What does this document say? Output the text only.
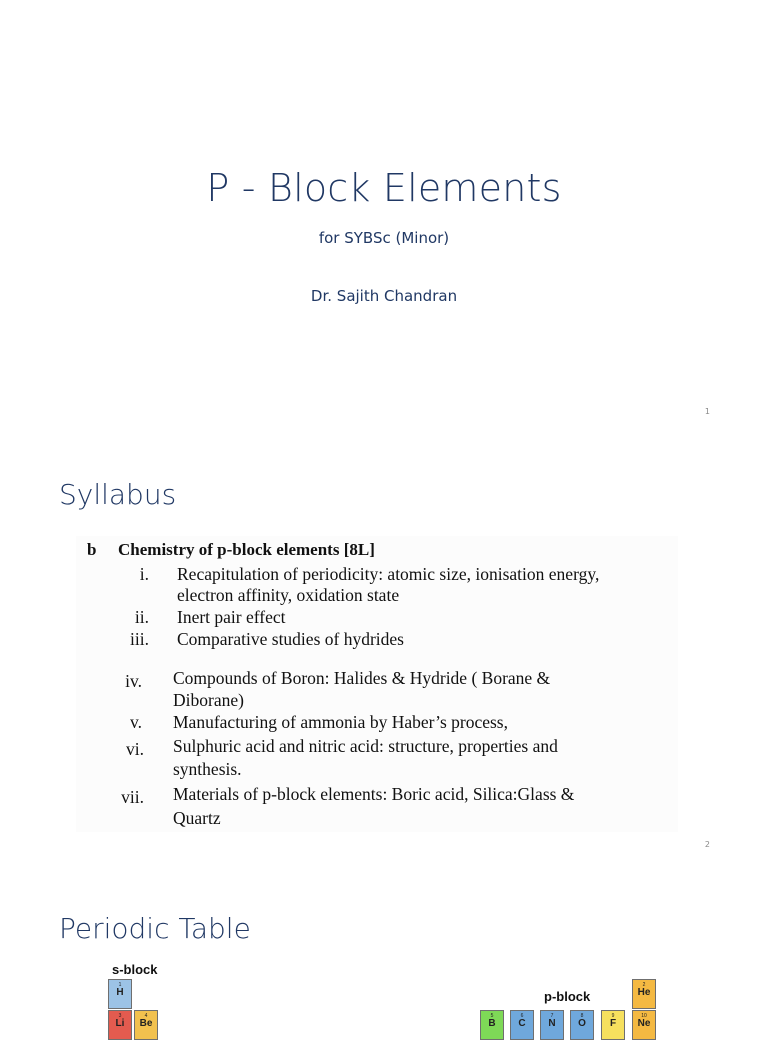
P - Block Elements
for SYBSc (Minor)
Dr. Sajith Chandran
1
Syllabus
b Chemistry of p-block elements [8L]
i. Recapitulation of periodicity: atomic size, ionisation energy,
electron affinity, oxidation state
ii. Inert pair effect
iii. Comparative studies of hydrides
iv. Compounds of Boron: Halides & Hydride ( Borane &
Diborane)
v. Manufacturing of ammonia by Haber’s process,
vi. Sulphuric acid and nitric acid: structure, properties and
synthesis.
vii. Materials of p-block elements: Boric acid, Silica:Glass &
Quartz
2
Periodic Table
s-block
p-block
1
H
2
He
3
Li
4
Be
5
B
6
C
7
N
8
O
9
F
10
Ne
